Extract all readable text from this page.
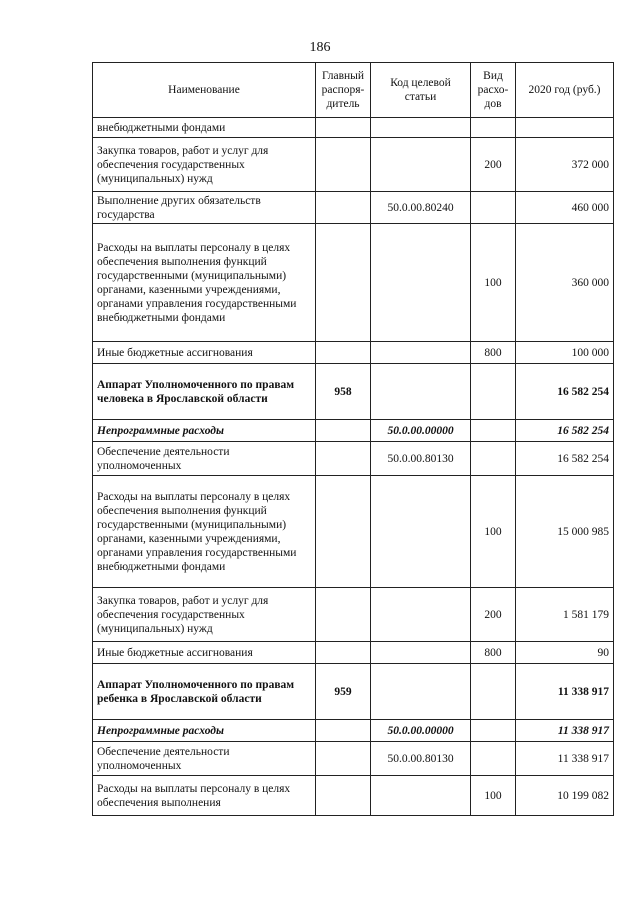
186
Наименование	Главный распоря-дитель	Код целевой статьи	Вид расхо-дов	2020 год (руб.)
внебюджетными фондами				
Закупка товаров, работ и услуг для обеспечения государственных (муниципальных) нужд			200	372 000
Выполнение других обязательств государства		50.0.00.80240		460 000
Расходы на выплаты персоналу в целях обеспечения выполнения функций государственными (муниципальными) органами, казенными учреждениями, органами управления государственными внебюджетными фондами			100	360 000
Иные бюджетные ассигнования			800	100 000
Аппарат Уполномоченного по правам человека в Ярославской области	958			16 582 254
Непрограммные расходы		50.0.00.00000		16 582 254
Обеспечение деятельности уполномоченных		50.0.00.80130		16 582 254
Расходы на выплаты персоналу в целях обеспечения выполнения функций государственными (муниципальными) органами, казенными учреждениями, органами управления государственными внебюджетными фондами			100	15 000 985
Закупка товаров, работ и услуг для обеспечения государственных (муниципальных) нужд			200	1 581 179
Иные бюджетные ассигнования			800	90
Аппарат Уполномоченного по правам ребенка в Ярославской области	959			11 338 917
Непрограммные расходы		50.0.00.00000		11 338 917
Обеспечение деятельности уполномоченных		50.0.00.80130		11 338 917
Расходы на выплаты персоналу в целях обеспечения выполнения			100	10 199 082
